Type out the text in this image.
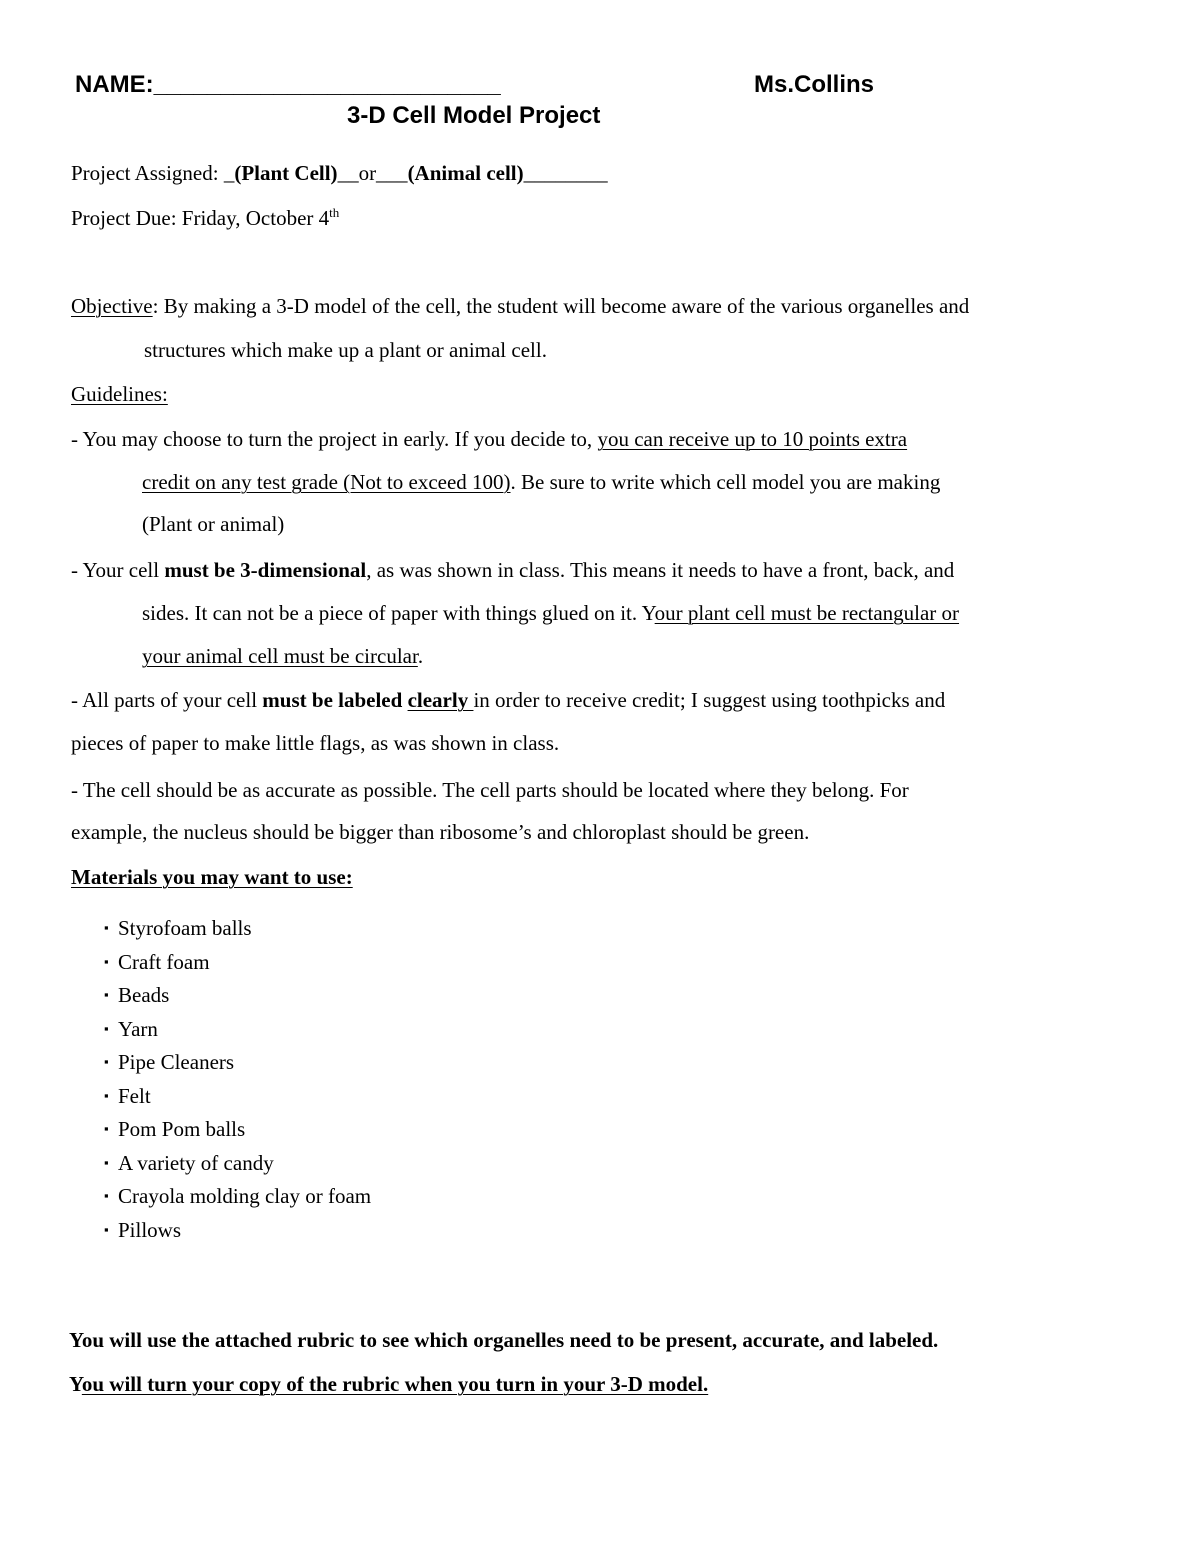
NAME:__________________________	Ms.Collins
3-D Cell Model Project
Project Assigned: _(Plant Cell)__or___(Animal cell)________
Project Due: Friday, October 4th
Objective: By making a 3-D model of the cell, the student will become aware of the various organelles and
structures which make up a plant or animal cell.
Guidelines:
- You may choose to turn the project in early. If you decide to, you can receive up to 10 points extra
credit on any test grade (Not to exceed 100). Be sure to write which cell model you are making
(Plant or animal)
- Your cell must be 3-dimensional, as was shown in class. This means it needs to have a front, back, and
sides. It can not be a piece of paper with things glued on it. Your plant cell must be rectangular or
your animal cell must be circular.
- All parts of your cell must be labeled clearly in order to receive credit; I suggest using toothpicks and
pieces of paper to make little flags, as was shown in class.
- The cell should be as accurate as possible. The cell parts should be located where they belong. For
example, the nucleus should be bigger than ribosome’s and chloroplast should be green.
Materials you may want to use:
▪ Styrofoam balls
▪ Craft foam
▪ Beads
▪ Yarn
▪ Pipe Cleaners
▪ Felt
▪ Pom Pom balls
▪ A variety of candy
▪ Crayola molding clay or foam
▪ Pillows
You will use the attached rubric to see which organelles need to be present, accurate, and labeled.
You will turn your copy of the rubric when you turn in your 3-D model.
